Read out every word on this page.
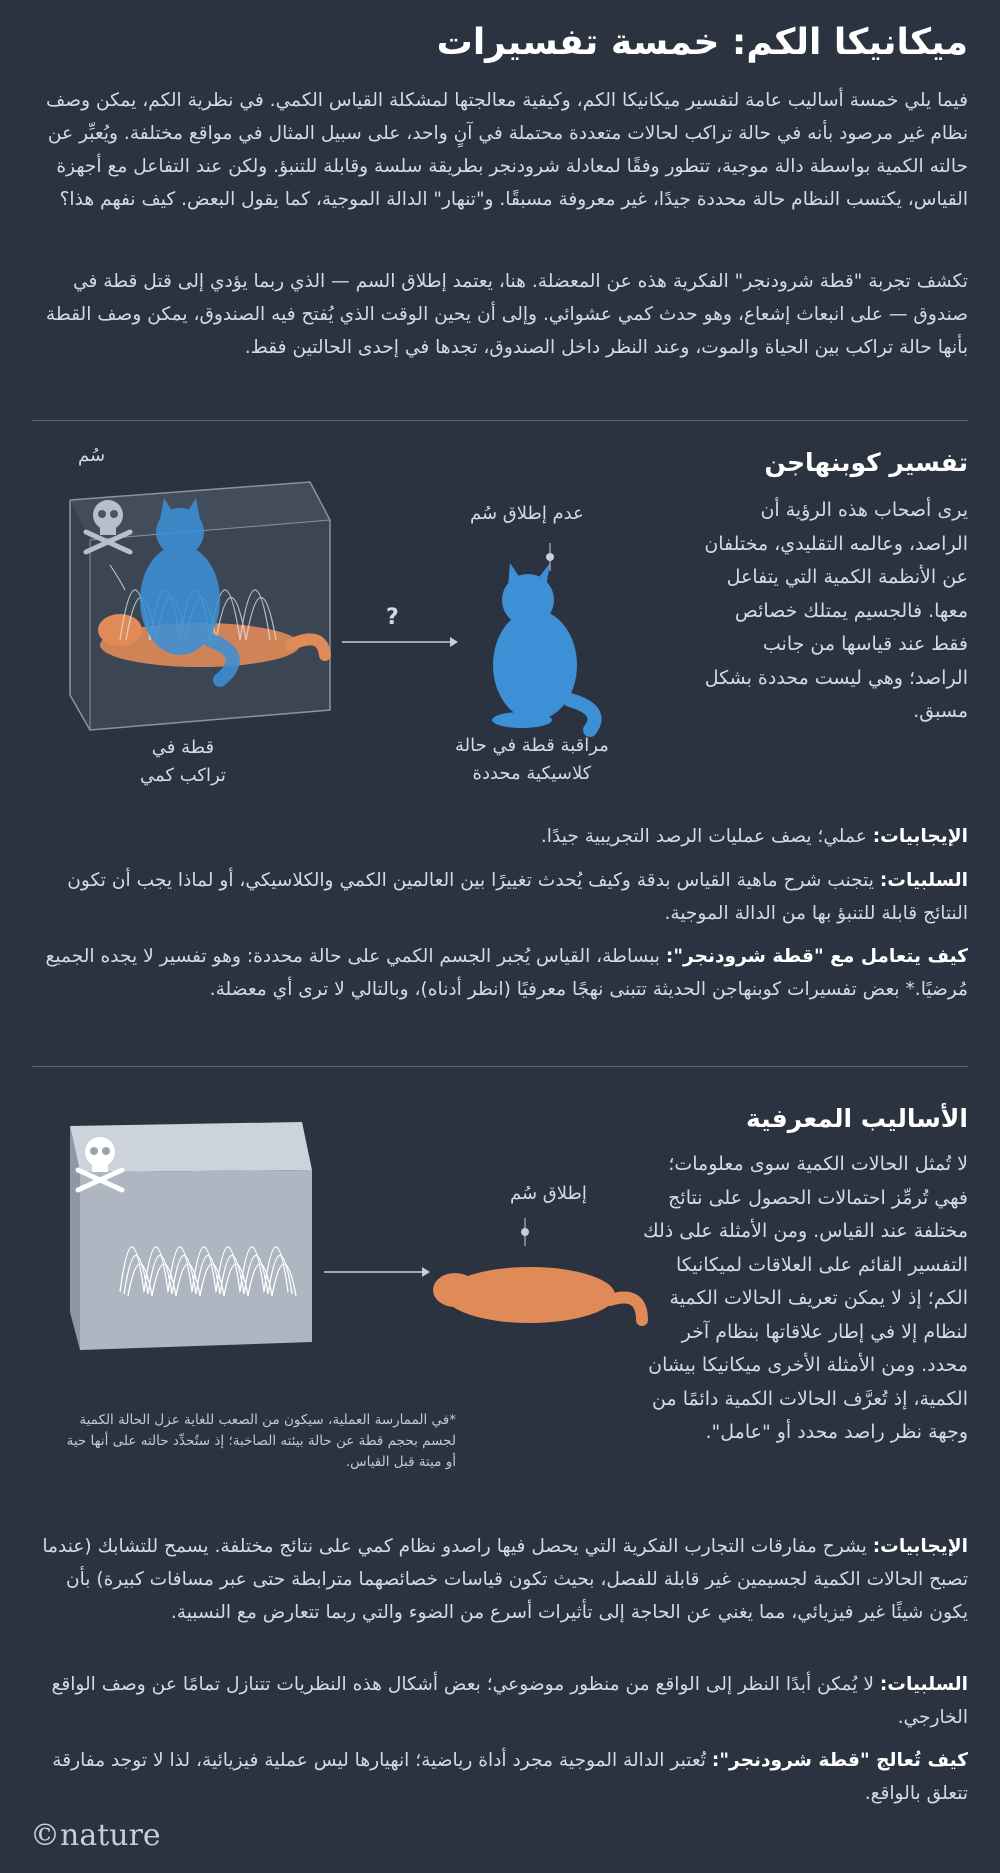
ميكانيكا الكم: خمسة تفسيرات

فيما يلي خمسة أساليب عامة لتفسير ميكانيكا الكم، وكيفية معالجتها لمشكلة القياس الكمي. في نظرية الكم، يمكن وصف نظام غير مرصود بأنه في حالة تراكب لحالات متعددة محتملة في آنٍ واحد، على سبيل المثال في مواقع مختلفة. ويُعبِّر عن حالته الكمية بواسطة دالة موجية، تتطور وفقًا لمعادلة شرودنجر بطريقة سلسة وقابلة للتنبؤ. ولكن عند التفاعل مع أجهزة القياس، يكتسب النظام حالة محددة جيدًا، غير معروفة مسبقًا. و"تنهار" الدالة الموجية، كما يقول البعض. كيف نفهم هذا؟

تكشف تجربة "قطة شرودنجر" الفكرية هذه عن المعضلة. هنا، يعتمد إطلاق السم — الذي ربما يؤدي إلى قتل قطة في صندوق — على انبعاث إشعاع، وهو حدث كمي عشوائي. وإلى أن يحين الوقت الذي يُفتح فيه الصندوق، يمكن وصف القطة بأنها حالة تراكب بين الحياة والموت، وعند النظر داخل الصندوق، تجدها في إحدى الحالتين فقط.

تفسير كوبنهاجن

يرى أصحاب هذه الرؤية أن الراصد، وعالمه التقليدي، مختلفان عن الأنظمة الكمية التي يتفاعل معها. فالجسيم يمتلك خصائص فقط عند قياسها من جانب الراصد؛ وهي ليست محددة بشكل مسبق.

سُم
عدم إطلاق سُم
?
قطة في
تراكب كمي
مراقبة قطة في حالة
كلاسيكية محددة

الإيجابيات: عملي؛ يصف عمليات الرصد التجريبية جيدًا.

السلبيات: يتجنب شرح ماهية القياس بدقة وكيف يُحدث تغييرًا بين العالمين الكمي والكلاسيكي، أو لماذا يجب أن تكون النتائج قابلة للتنبؤ بها من الدالة الموجية.

كيف يتعامل مع "قطة شرودنجر": ببساطة، القياس يُجبر الجسم الكمي على حالة محددة: وهو تفسير لا يجده الجميع مُرضيًا.* بعض تفسيرات كوبنهاجن الحديثة تتبنى نهجًا معرفيًا (انظر أدناه)، وبالتالي لا ترى أي معضلة.

الأساليب المعرفية

لا تُمثل الحالات الكمية سوى معلومات؛ فهي تُرمِّز احتمالات الحصول على نتائج مختلفة عند القياس. ومن الأمثلة على ذلك التفسير القائم على العلاقات لميكانيكا الكم؛ إذ لا يمكن تعريف الحالات الكمية لنظام إلا في إطار علاقاتها بنظام آخر محدد. ومن الأمثلة الأخرى ميكانيكا بيشان الكمية، إذ تُعرَّف الحالات الكمية دائمًا من وجهة نظر راصد محدد أو "عامل".

إطلاق سُم
*في الممارسة العملية، سيكون من الصعب للغاية عزل الحالة الكمية لجسم بحجم قطة عن حالة بيئته الصاخبة؛ إذ ستُحدِّد حالته على أنها حية أو ميتة قبل القياس.

الإيجابيات: يشرح مفارقات التجارب الفكرية التي يحصل فيها راصدو نظام كمي على نتائج مختلفة. يسمح للتشابك (عندما تصبح الحالات الكمية لجسيمين غير قابلة للفصل، بحيث تكون قياسات خصائصهما مترابطة حتى عبر مسافات كبيرة) بأن يكون شيئًا غير فيزيائي، مما يغني عن الحاجة إلى تأثيرات أسرع من الضوء والتي ربما تتعارض مع النسبية.

السلبيات: لا يُمكن أبدًا النظر إلى الواقع من منظور موضوعي؛ بعض أشكال هذه النظريات تتنازل تمامًا عن وصف الواقع الخارجي.

كيف تُعالج "قطة شرودنجر": تُعتبر الدالة الموجية مجرد أداة رياضية؛ انهيارها ليس عملية فيزيائية، لذا لا توجد مفارقة تتعلق بالواقع.

©nature
